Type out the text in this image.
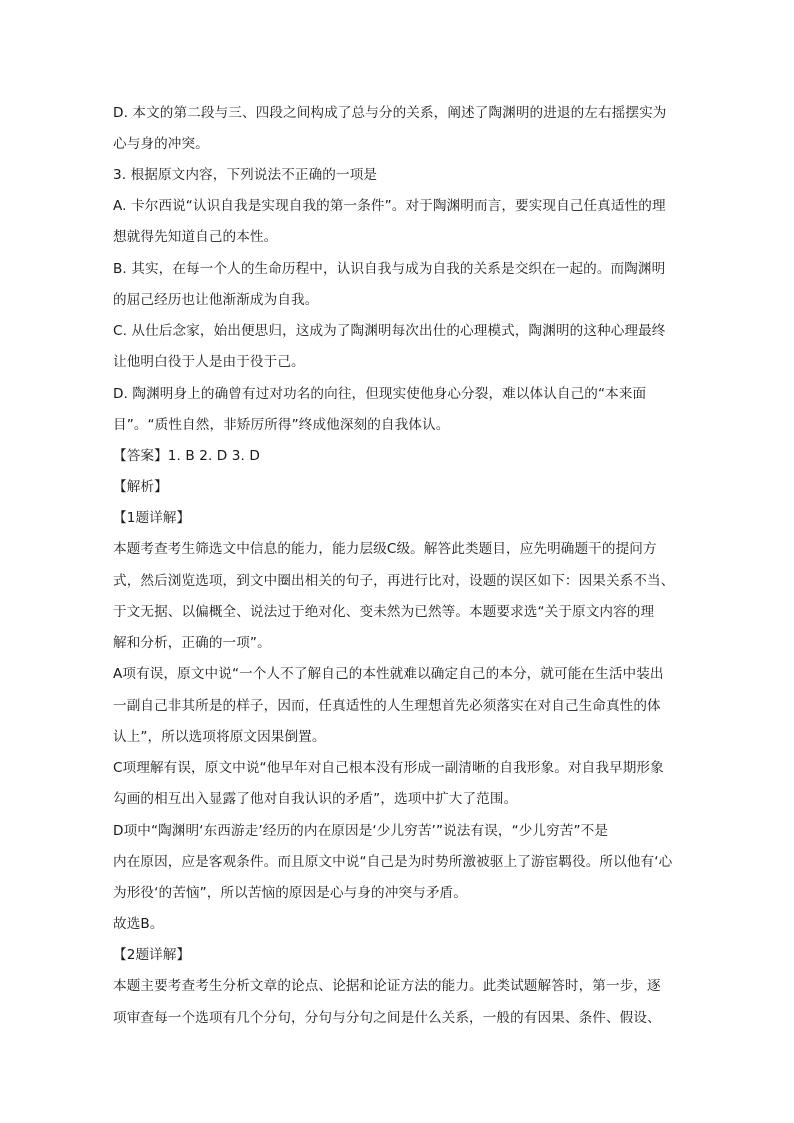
D. 本文的第二段与三、四段之间构成了总与分的关系，阐述了陶渊明的进退的左右摇摆实为
心与身的冲突。
3. 根据原文内容，下列说法不正确的一项是
A. 卡尔西说“认识自我是实现自我的第一条件”。对于陶渊明而言，要实现自己任真适性的理
想就得先知道自己的本性。
B. 其实，在每一个人的生命历程中，认识自我与成为自我的关系是交织在一起的。而陶渊明
的屈己经历也让他渐渐成为自我。
C. 从仕后念家，始出便思归，这成为了陶渊明每次出仕的心理模式，陶渊明的这种心理最终
让他明白役于人是由于役于己。
D. 陶渊明身上的确曾有过对功名的向往，但现实使他身心分裂，难以体认自己的“本来面
目”。“质性自然，非矫厉所得”终成他深刻的自我体认。
【答案】1. B 2. D 3. D
【解析】
【1题详解】
本题考查考生筛选文中信息的能力，能力层级C级。解答此类题目，应先明确题干的提问方
式，然后浏览选项，到文中圈出相关的句子，再进行比对，设题的误区如下：因果关系不当、
于文无据、以偏概全、说法过于绝对化、变未然为已然等。本题要求选“关于原文内容的理
解和分析，正确的一项”。
A项有误，原文中说“一个人不了解自己的本性就难以确定自己的本分，就可能在生活中装出
一副自己非其所是的样子，因而，任真适性的人生理想首先必须落实在对自己生命真性的体
认上”，所以选项将原文因果倒置。
C项理解有误，原文中说“他早年对自己根本没有形成一副清晰的自我形象。对自我早期形象
勾画的相互出入显露了他对自我认识的矛盾”，选项中扩大了范围。
D项中“陶渊明‘东西游走’经历的内在原因是‘少儿穷苦’”说法有误，“少儿穷苦”不是
内在原因，应是客观条件。而且原文中说“自己是为时势所激被驱上了游宦羁役。所以他有‘心
为形役‘的苦恼”，所以苦恼的原因是心与身的冲突与矛盾。
故选B。
【2题详解】
本题主要考查考生分析文章的论点、论据和论证方法的能力。此类试题解答时，第一步，逐
项审查每一个选项有几个分句，分句与分句之间是什么关系，一般的有因果、条件、假设、
